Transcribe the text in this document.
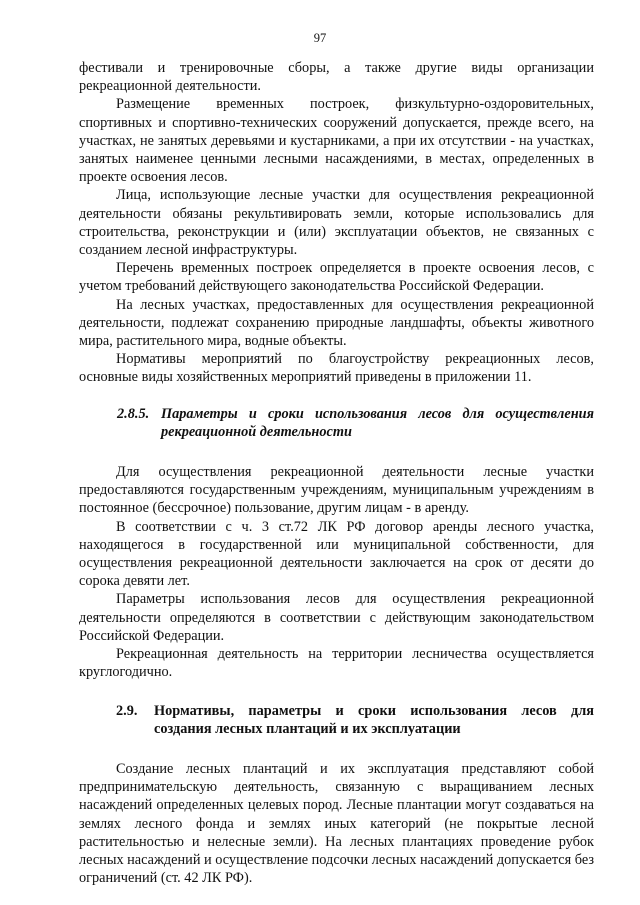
97

фестивали и тренировочные сборы, а также другие виды организации рекреационной деятельности.

Размещение временных построек, физкультурно-оздоровительных, спортивных и спортивно-технических сооружений допускается, прежде всего, на участках, не занятых деревьями и кустарниками, а при их отсутствии - на участках, занятых наименее ценными лесными насаждениями, в местах, определенных в проекте освоения лесов.

Лица, использующие лесные участки для осуществления рекреационной деятельности обязаны рекультивировать земли, которые использовались для строительства, реконструкции и (или) эксплуатации объектов, не связанных с созданием лесной инфраструктуры.

Перечень временных построек определяется в проекте освоения лесов, с учетом требований действующего законодательства Российской Федерации.

На лесных участках, предоставленных для осуществления рекреационной деятельности, подлежат сохранению природные ландшафты, объекты животного мира, растительного мира, водные объекты.

Нормативы мероприятий по благоустройству рекреационных лесов, основные виды хозяйственных мероприятий приведены в приложении 11.

2.8.5. Параметры и сроки использования лесов для осуществления
рекреационной деятельности

Для осуществления рекреационной деятельности лесные участки предоставляются государственным учреждениям, муниципальным учреждениям в постоянное (бессрочное) пользование, другим лицам - в аренду.

В соответствии с ч. 3 ст.72 ЛК РФ договор аренды лесного участка, находящегося в государственной или муниципальной собственности, для осуществления рекреационной деятельности заключается на срок от десяти до сорока девяти лет.

Параметры использования лесов для осуществления рекреационной деятельности определяются в соответствии с действующим законодательством Российской Федерации.

Рекреационная деятельность на территории лесничества осуществляется круглогодично.

2.9.	Нормативы, параметры и сроки использования лесов для
создания лесных плантаций и их эксплуатации

Создание лесных плантаций и их эксплуатация представляют собой предпринимательскую деятельность, связанную с выращиванием лесных насаждений определенных целевых пород. Лесные плантации могут создаваться на землях лесного фонда и землях иных категорий (не покрытые лесной растительностью и нелесные земли). На лесных плантациях проведение рубок лесных насаждений и осуществление подсочки лесных насаждений допускается без ограничений (ст. 42 ЛК РФ).
